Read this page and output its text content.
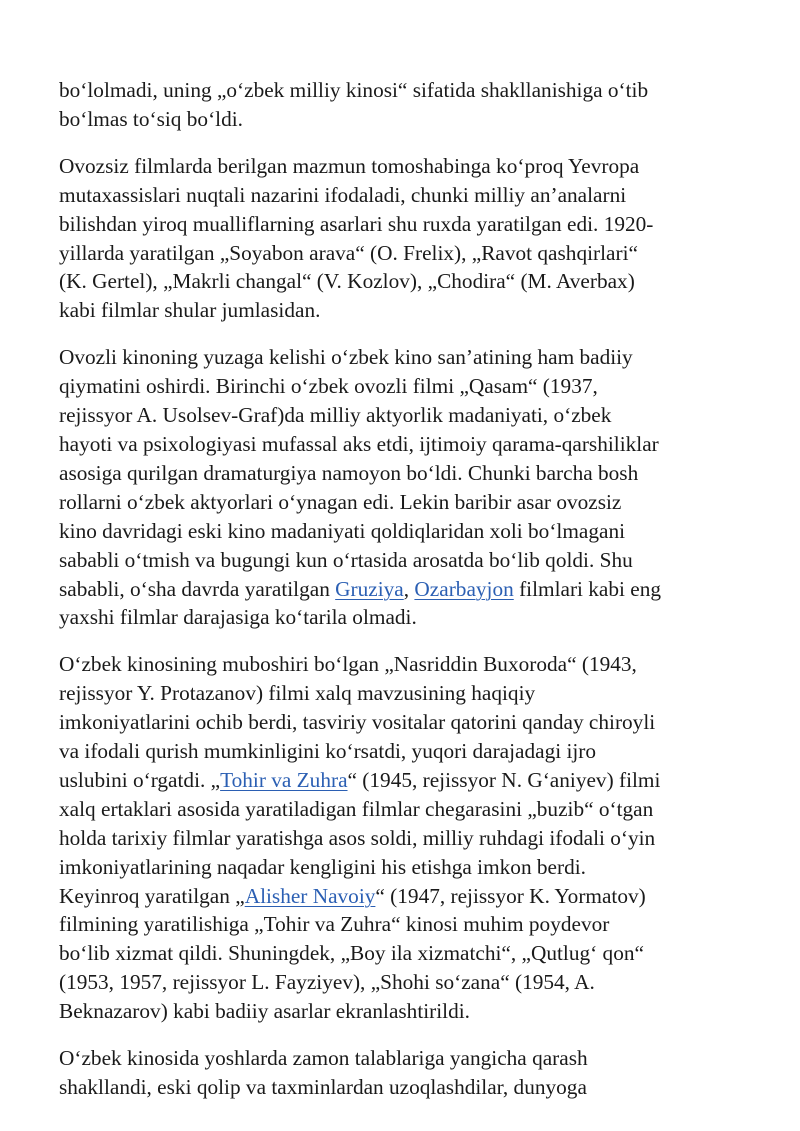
bo‘lolmadi, uning „o‘zbek milliy kinosi“ sifatida shakllanishiga o‘tib
bo‘lmas to‘siq bo‘ldi.

Ovozsiz filmlarda berilgan mazmun tomoshabinga ko‘proq Yevropa
mutaxassislari nuqtali nazarini ifodaladi, chunki milliy an’analarni
bilishdan yiroq mualliflarning asarlari shu ruxda yaratilgan edi. 1920-
yillarda yaratilgan „Soyabon arava“ (O. Frelix), „Ravot qashqirlari“
(K. Gertel), „Makrli changal“ (V. Kozlov), „Chodira“ (M. Averbax)
kabi filmlar shular jumlasidan.

Ovozli kinoning yuzaga kelishi o‘zbek kino san’atining ham badiiy
qiymatini oshirdi. Birinchi o‘zbek ovozli filmi „Qasam“ (1937,
rejissyor A. Usolsev-Graf)da milliy aktyorlik madaniyati, o‘zbek
hayoti va psixologiyasi mufassal aks etdi, ijtimoiy qarama-qarshiliklar
asosiga qurilgan dramaturgiya namoyon bo‘ldi. Chunki barcha bosh
rollarni o‘zbek aktyorlari o‘ynagan edi. Lekin baribir asar ovozsiz
kino davridagi eski kino madaniyati qoldiqlaridan xoli bo‘lmagani
sababli o‘tmish va bugungi kun o‘rtasida arosatda bo‘lib qoldi. Shu
sababli, o‘sha davrda yaratilgan Gruziya, Ozarbayjon filmlari kabi eng
yaxshi filmlar darajasiga ko‘tarila olmadi.

O‘zbek kinosining muboshiri bo‘lgan „Nasriddin Buxoroda“ (1943,
rejissyor Y. Protazanov) filmi xalq mavzusining haqiqiy
imkoniyatlarini ochib berdi, tasviriy vositalar qatorini qanday chiroyli
va ifodali qurish mumkinligini ko‘rsatdi, yuqori darajadagi ijro
uslubini o‘rgatdi. „Tohir va Zuhra“ (1945, rejissyor N. G‘aniyev) filmi
xalq ertaklari asosida yaratiladigan filmlar chegarasini „buzib“ o‘tgan
holda tarixiy filmlar yaratishga asos soldi, milliy ruhdagi ifodali o‘yin
imkoniyatlarining naqadar kengligini his etishga imkon berdi.
Keyinroq yaratilgan „Alisher Navoiy“ (1947, rejissyor K. Yormatov)
filmining yaratilishiga „Tohir va Zuhra“ kinosi muhim poydevor
bo‘lib xizmat qildi. Shuningdek, „Boy ila xizmatchi“, „Qutlug‘ qon“
(1953, 1957, rejissyor L. Fayziyev), „Shohi so‘zana“ (1954, A.
Beknazarov) kabi badiiy asarlar ekranlashtirildi.

O‘zbek kinosida yoshlarda zamon talablariga yangicha qarash
shakllandi, eski qolip va taxminlardan uzoqlashdilar, dunyoga
